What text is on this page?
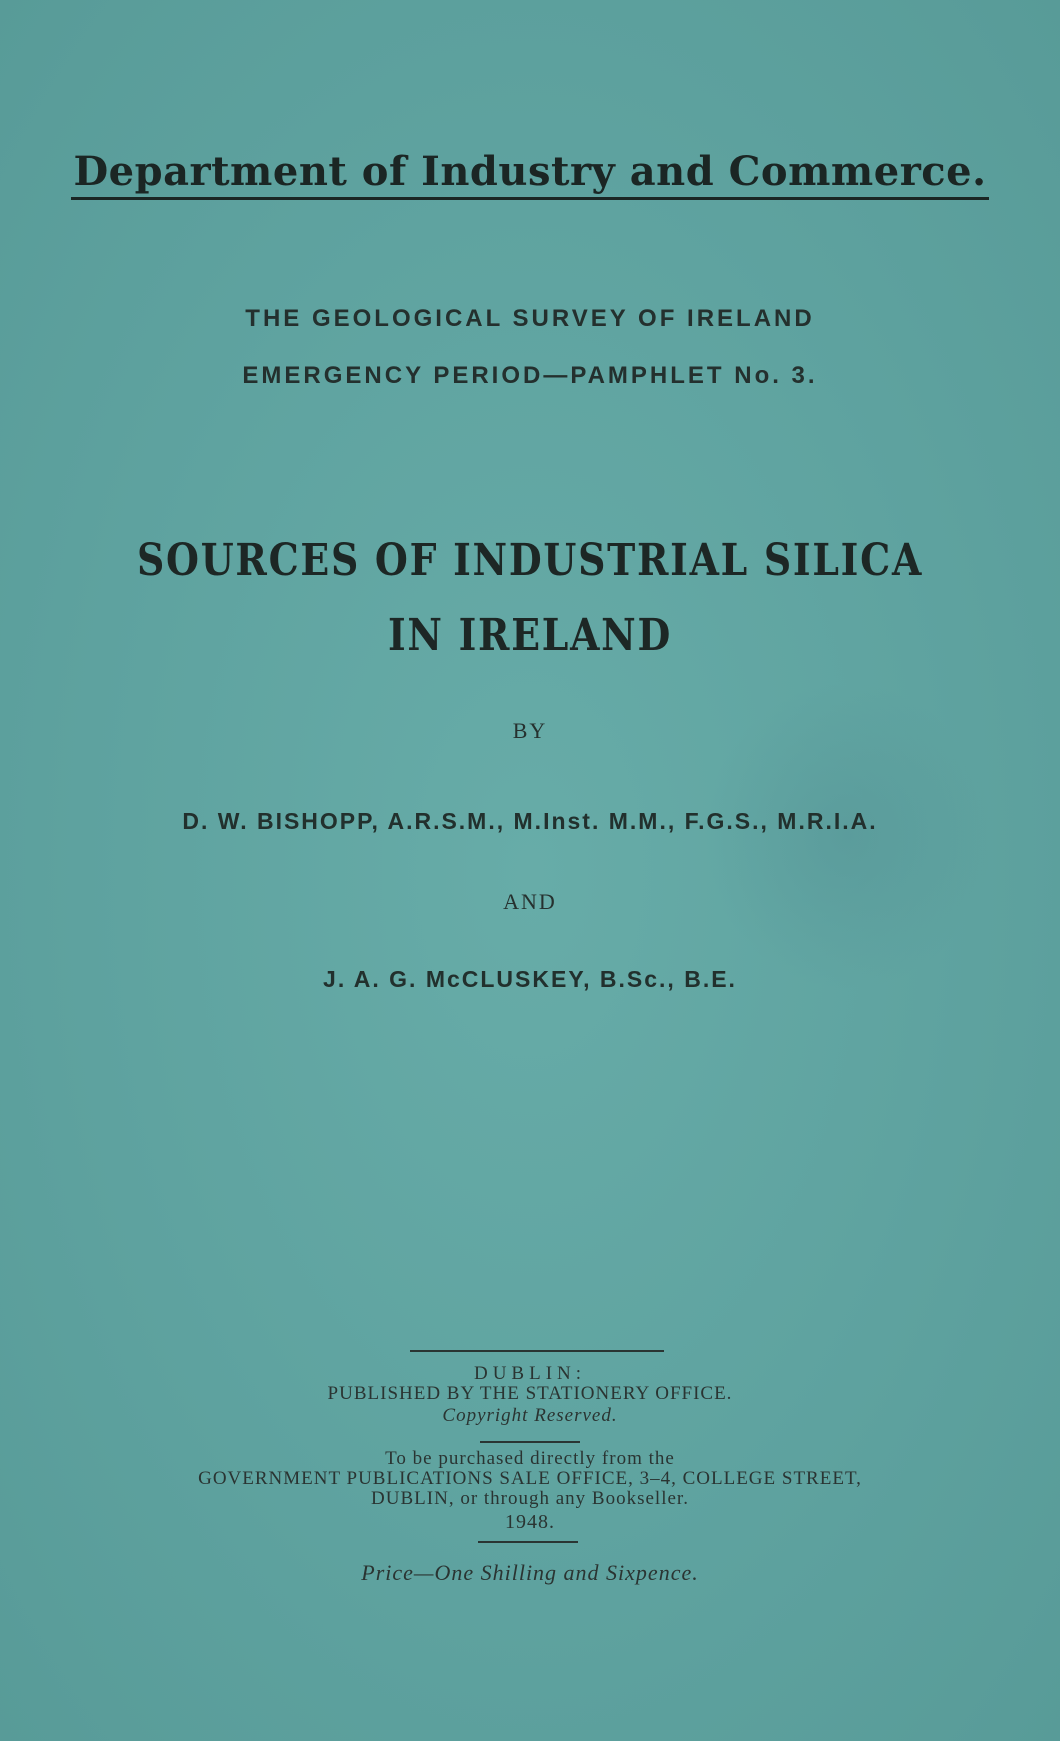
Department of Industry and Commerce.

THE GEOLOGICAL SURVEY OF IRELAND

EMERGENCY PERIOD—PAMPHLET No. 3.

SOURCES OF INDUSTRIAL SILICA

IN IRELAND

BY

D. W. BISHOPP, A.R.S.M., M.Inst. M.M., F.G.S., M.R.I.A.

AND

J. A. G. McCLUSKEY, B.Sc., B.E.

DUBLIN:

PUBLISHED BY THE STATIONERY OFFICE.

Copyright Reserved.

To be purchased directly from the

GOVERNMENT PUBLICATIONS SALE OFFICE, 3–4, COLLEGE STREET,

DUBLIN, or through any Bookseller.

1948.

Price—One Shilling and Sixpence.
